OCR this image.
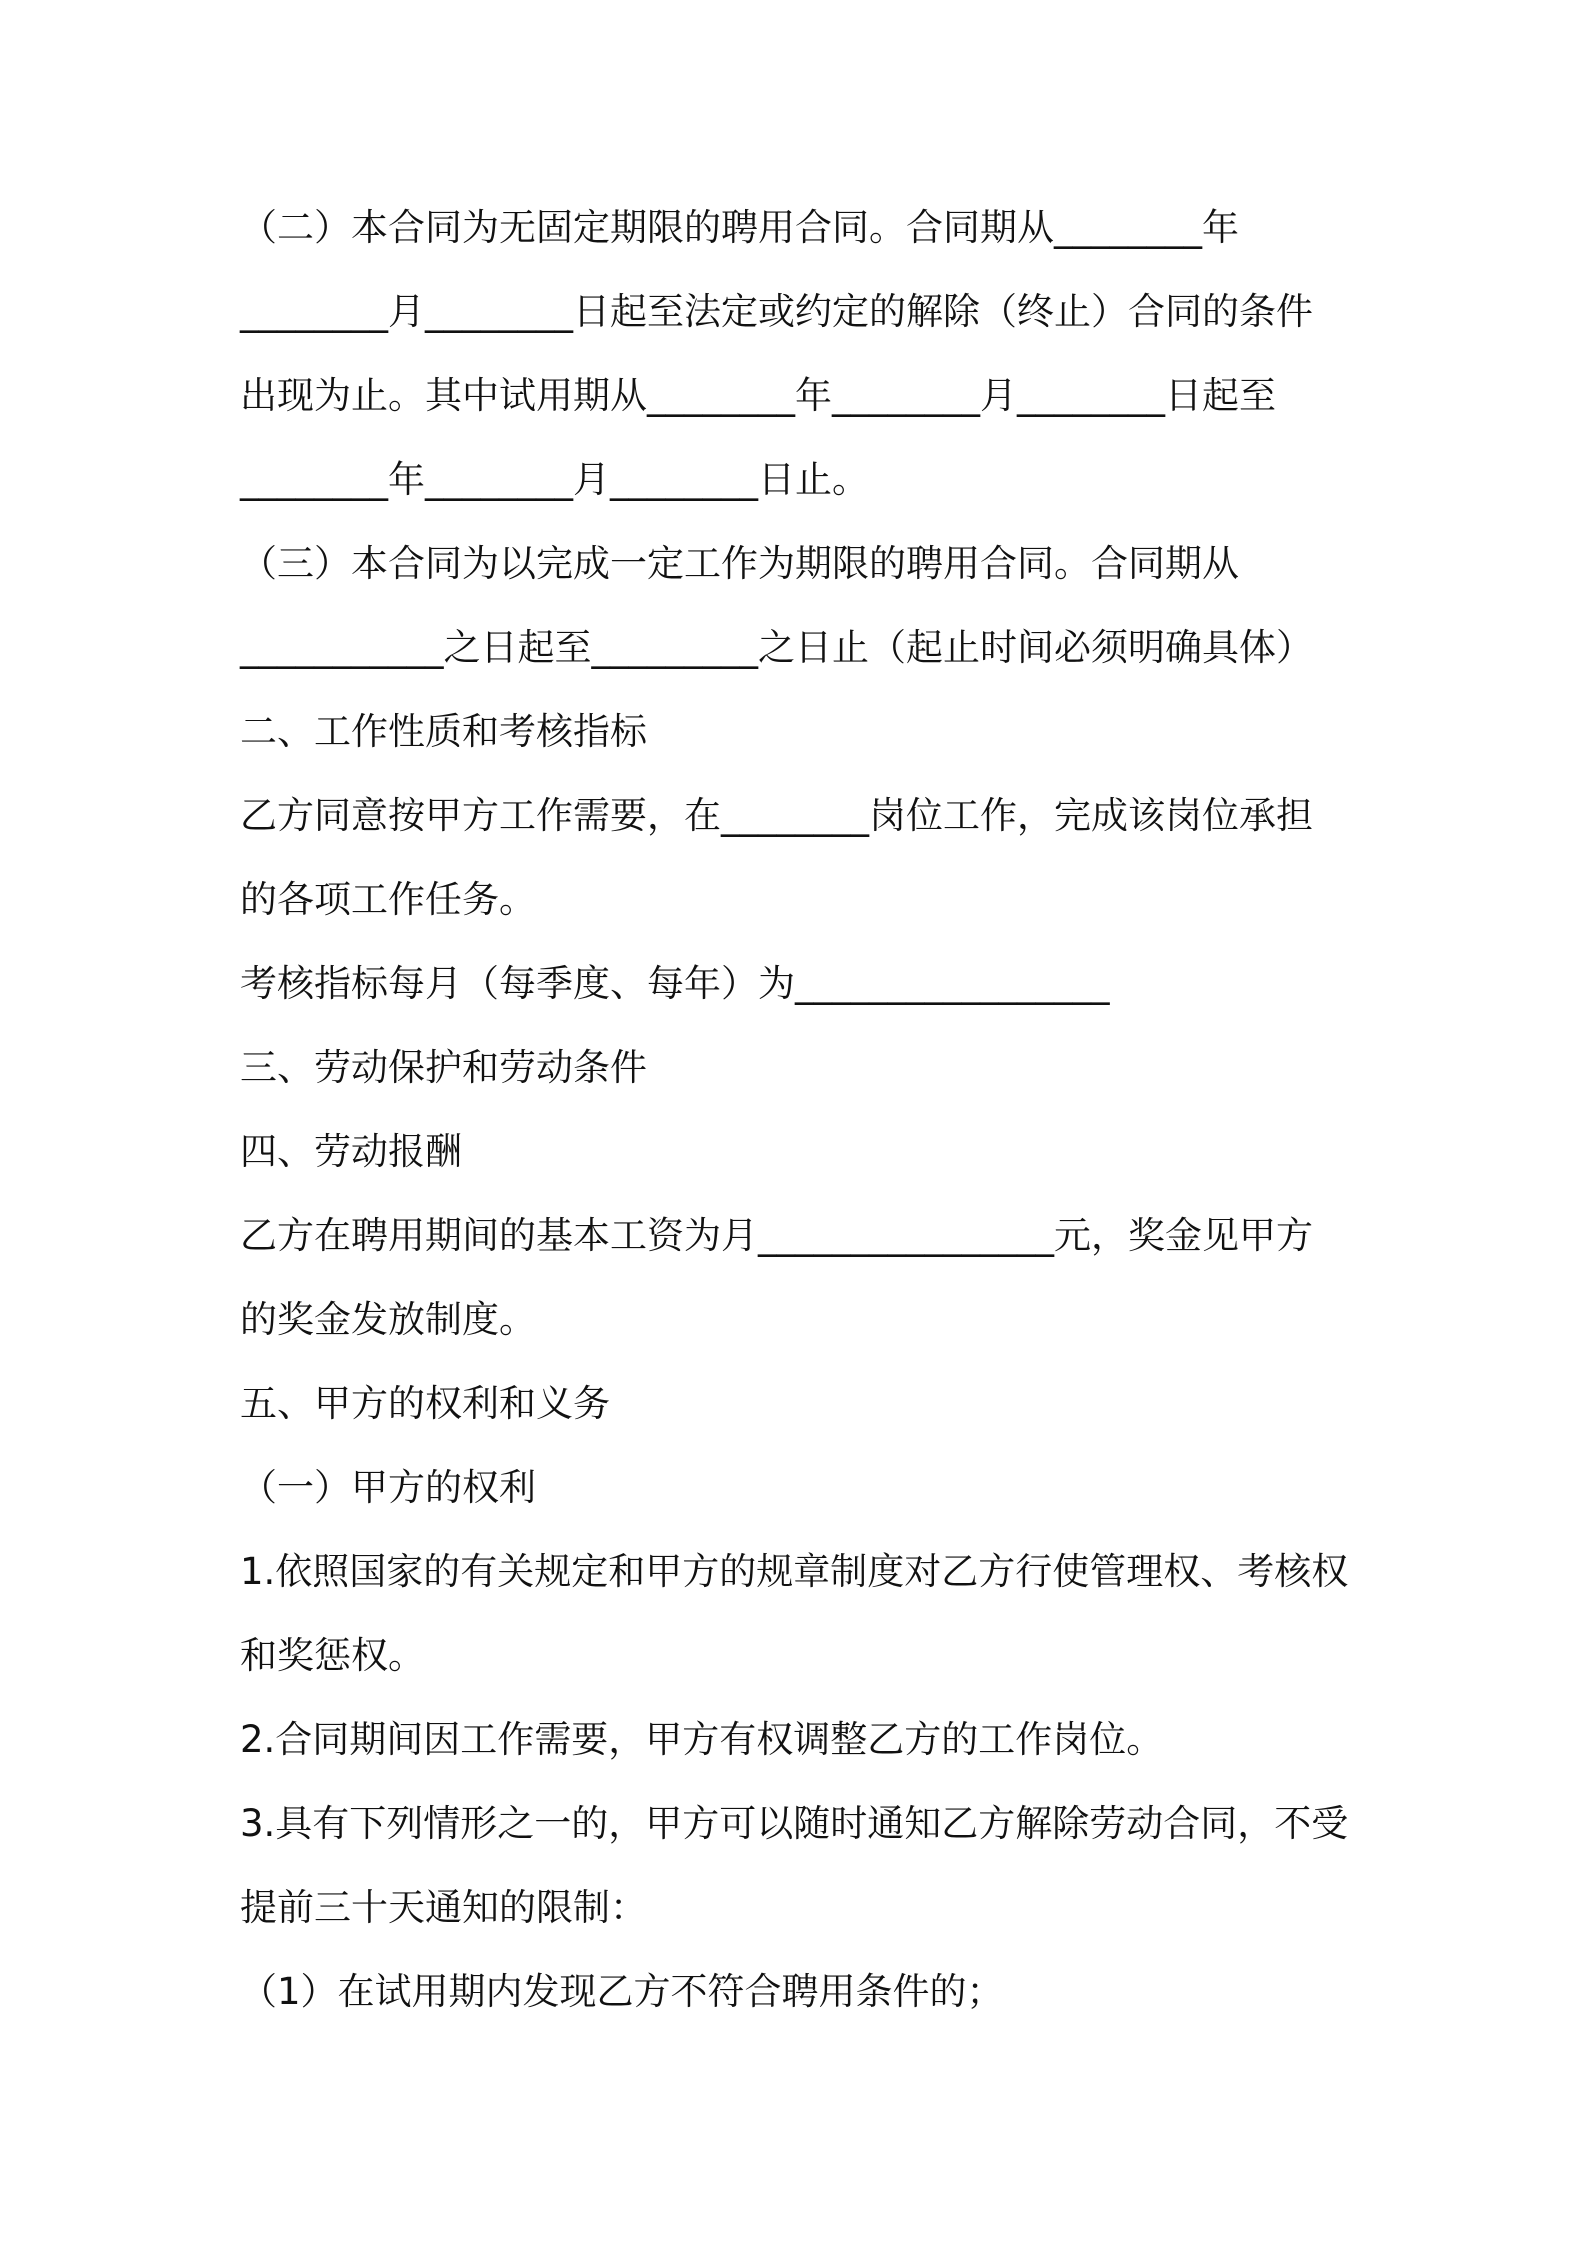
（二）本合同为无固定期限的聘用合同。合同期从________年
________月________日起至法定或约定的解除（终止）合同的条件
出现为止。其中试用期从________年________月________日起至
________年________月________日止。
（三）本合同为以完成一定工作为期限的聘用合同。合同期从
___________之日起至_________之日止（起止时间必须明确具体）
二、工作性质和考核指标
乙方同意按甲方工作需要，在________岗位工作，完成该岗位承担
的各项工作任务。
考核指标每月（每季度、每年）为_________________
三、劳动保护和劳动条件
四、劳动报酬
乙方在聘用期间的基本工资为月________________元，奖金见甲方
的奖金发放制度。
五、甲方的权利和义务
（一）甲方的权利
1.依照国家的有关规定和甲方的规章制度对乙方行使管理权、考核权
和奖惩权。
2.合同期间因工作需要，甲方有权调整乙方的工作岗位。
3.具有下列情形之一的，甲方可以随时通知乙方解除劳动合同，不受
提前三十天通知的限制：
（1）在试用期内发现乙方不符合聘用条件的；
